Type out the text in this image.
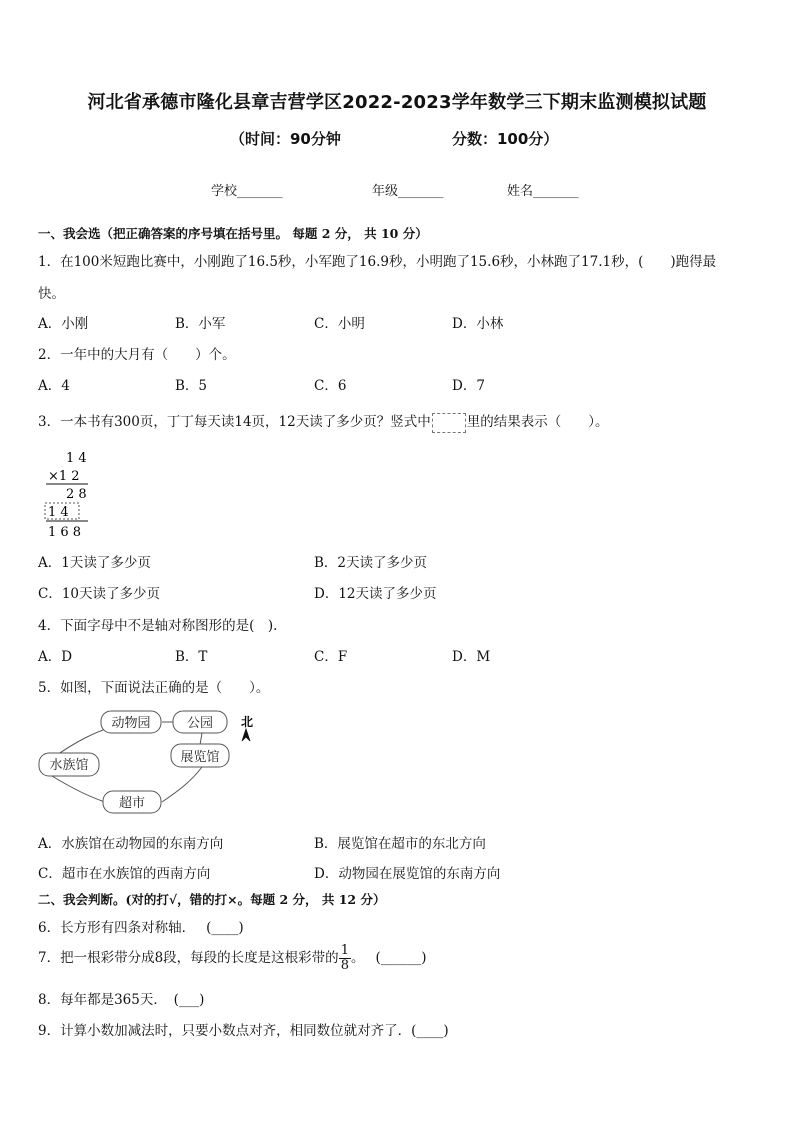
河北省承德市隆化县章吉营学区2022-2023学年数学三下期末监测模拟试题
（时间：90分钟	分数：100分）
学校_______	年级_______	姓名_______
一、我会选（把正确答案的序号填在括号里。 每题 2 分， 共 10 分）
1．在100米短跑比赛中，小刚跑了16.5秒，小军跑了16.9秒，小明跑了15.6秒，小林跑了17.1秒，(　　)跑得最
快。
A．小刚	B．小军	C．小明	D．小林
2．一年中的大月有（　　）个。
A．4	B．5	C．6	D．7
3．一本书有300页，丁丁每天读14页，12天读了多少页？竖式中	里的结果表示（　　）。
1 4
×1 2
2 8
1 4
1 6 8
A．1天读了多少页	B．2天读了多少页
C．10天读了多少页	D．12天读了多少页
4．下面字母中不是轴对称图形的是(　).
A．D	B．T	C．F	D．M
5．如图，下面说法正确的是（　　）。
动物园	公园
展览馆
水族馆
超市
北
A．水族馆在动物园的东南方向	B．展览馆在超市的东北方向
C．超市在水族馆的西南方向	D．动物园在展览馆的东南方向
二、我会判断。(对的打√，错的打×。每题 2 分， 共 12 分）
6．长方形有四条对称轴．　 (____)
7．把一根彩带分成8段，每段的长度是这根彩带的 $\frac{1}{8}$ 。　 (______)
8．每年都是365天．　(___)
9．计算小数加减法时，只要小数点对齐，相同数位就对齐了．(____)
